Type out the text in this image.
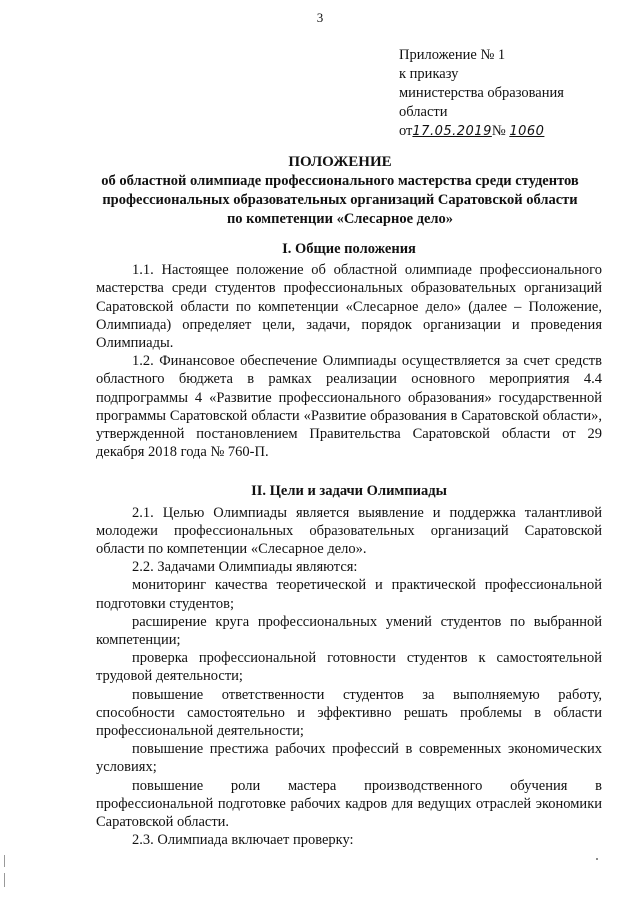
3
Приложение № 1
к приказу
министерства образования
области
от17.05.2019№ 1060
ПОЛОЖЕНИЕ
об областной олимпиаде профессионального мастерства среди студентов
профессиональных образовательных организаций Саратовской области
по компетенции «Слесарное дело»
I. Общие положения

1.1. Настоящее положение об областной олимпиаде профессионального мастерства среди студентов профессиональных образовательных организаций Саратовской области по компетенции «Слесарное дело» (далее – Положение, Олимпиада) определяет цели, задачи, порядок организации и проведения Олимпиады.

1.2. Финансовое обеспечение Олимпиады осуществляется за счет средств областного бюджета в рамках реализации основного мероприятия 4.4 подпрограммы 4 «Развитие профессионального образования» государственной программы Саратовской области «Развитие образования в Саратовской области», утвержденной постановлением Правительства Саратовской области от 29 декабря 2018 года № 760-П.

II. Цели и задачи Олимпиады

2.1. Целью Олимпиады является выявление и поддержка талантливой молодежи профессиональных образовательных организаций Саратовской области по компетенции «Слесарное дело».

2.2. Задачами Олимпиады являются:

мониторинг качества теоретической и практической профессиональной подготовки студентов;

расширение круга профессиональных умений студентов по выбранной компетенции;

проверка профессиональной готовности студентов к самостоятельной трудовой деятельности;

повышение ответственности студентов за выполняемую работу, способности самостоятельно и эффективно решать проблемы в области профессиональной деятельности;

повышение престижа рабочих профессий в современных экономических условиях;

повышение роли мастера производственного обучения в профессиональной подготовке рабочих кадров для ведущих отраслей экономики Саратовской области.

2.3. Олимпиада включает проверку:
